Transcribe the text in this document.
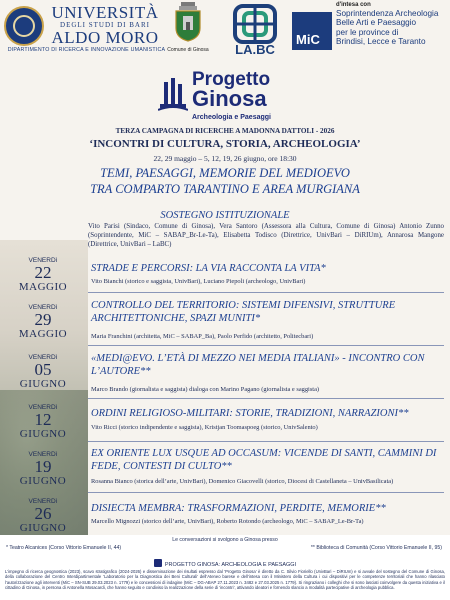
UNIVERSITÀ
DEGLI STUDI DI BARI
ALDO MORO
DIPARTIMENTO DI RICERCA E INNOVAZIONE UMANISTICA Comune di Ginosa	LA.BC
MiC
d'intesa con
Soprintendenza Archeologia
Belle Arti e Paesaggio
per le province di
Brindisi, Lecce e Taranto
Progetto
Ginosa
Archeologia e Paesaggi
TERZA CAMPAGNA DI RICERCHE A MADONNA DATTOLI - 2026
‘INCONTRI DI CULTURA, STORIA, ARCHEOLOGIA’
22, 29 maggio – 5, 12, 19, 26 giugno, ore 18:30
TEMI, PAESAGGI, MEMORIE DEL MEDIOEVO
TRA COMPARTO TARANTINO E AREA MURGIANA
SOSTEGNO ISTITUZIONALE
Vito Parisi (Sindaco, Comune di Ginosa), Vera Santoro (Assessora alla Cultura, Comune di Ginosa) Antonio Zunno (Soprintendente, MiC – SABAP_Br-Le-Ta), Elisabetta Todisco (Direttrice, UnivBari – DiRIUm), Annarosa Mangone (Direttrice, UnivBari – LaBC)
VENERDì
22
MAGGIO
STRADE E PERCORSI: LA VIA RACCONTA LA VITA*
Vito Bianchi (storico e saggista, UnivBari), Luciano Piepoli (archeologo, UnivBari)
VENERDì
29
MAGGIO
CONTROLLO DEL TERRITORIO: SISTEMI DIFENSIVI, STRUTTURE ARCHITETTONICHE, SPAZI MUNITI*
Maria Franchini (architetta, MiC – SABAP_Ba), Paolo Perfido (architetto, Politecbari)
VENERDì
05
GIUGNO
«MEDI@EVO. L’ETÀ DI MEZZO NEI MEDIA ITALIANI» - INCONTRO CON L’AUTORE**
Marco Brando (giornalista e saggista) dialoga con Marino Pagano (giornalista e saggista)
VENERDì
12
GIUGNO
ORDINI RELIGIOSO-MILITARI: STORIE, TRADIZIONI, NARRAZIONI**
Vito Ricci (storico indipendente e saggista), Kristjan Toomaspoeg (storico, UnivSalento)
VENERDì
19
GIUGNO
EX ORIENTE LUX USQUE AD OCCASUM: VICENDE DI SANTI, CAMMINI DI FEDE, CONTESTI DI CULTO**
Rosanna Bianco (storica dell’arte, UnivBari), Domenico Giacovelli (storico, Diocesi di Castellaneta – UnivBasilicata)
VENERDì
26
GIUGNO
DISIECTA MEMBRA: TRASFORMAZIONI, PERDITE, MEMORIE**
Marcello Mignozzi (storico dell’arte, UnivBari), Roberto Rotondo (archeologo, MiC – SABAP_Le-Br-Ta)
Le conversazioni si svolgono a Ginosa presso
* Teatro Alcanices (Corso Vittorio Emanuele II, 44)	** Biblioteca di Comunità (Corso Vittorio Emanuele II, 95)
PROGETTO GINOSA: ARCHEOLOGIA E PAESAGGI
L’impegno di ricerca geognostica (2023), scavo stratigrafico (2024-2026) e disseminazione dei risultati espresso dal ‘Progetto Ginosa’ è diretto da C. Silvio Fioriello (UnivBari – DiRIUm) e si avvale del sostegno del Comune di Ginosa, della collaborazione del Centro Interdipartimentale ‘Laboratorio per la Diagnostica dei Beni Culturali’ dell’Ateneo barese e dell’intesa con il Ministero della Cultura i cui dispositivi per le competenze territoriali che hanno rilasciato l’autorizzazione agli interventi (MiC – SN-SUB 29.03.2023 n. 1779) e le concessioni di indagine (MiC – DG-ABAP 27.11.2023 n. 3482 e 27.03.2025 n. 1779). Si ringraziano i colleghi che si sono lasciati coinvolgere da questa iniziativa e il cittadino di Ginosa, in persona di Antonella Mosacardi, che hanno seguito e condiviso la realizzazione della serie di ‘incontri’, attivando ideatori e fornendo slancio a modalità partecipative di archeologia pubblica.
